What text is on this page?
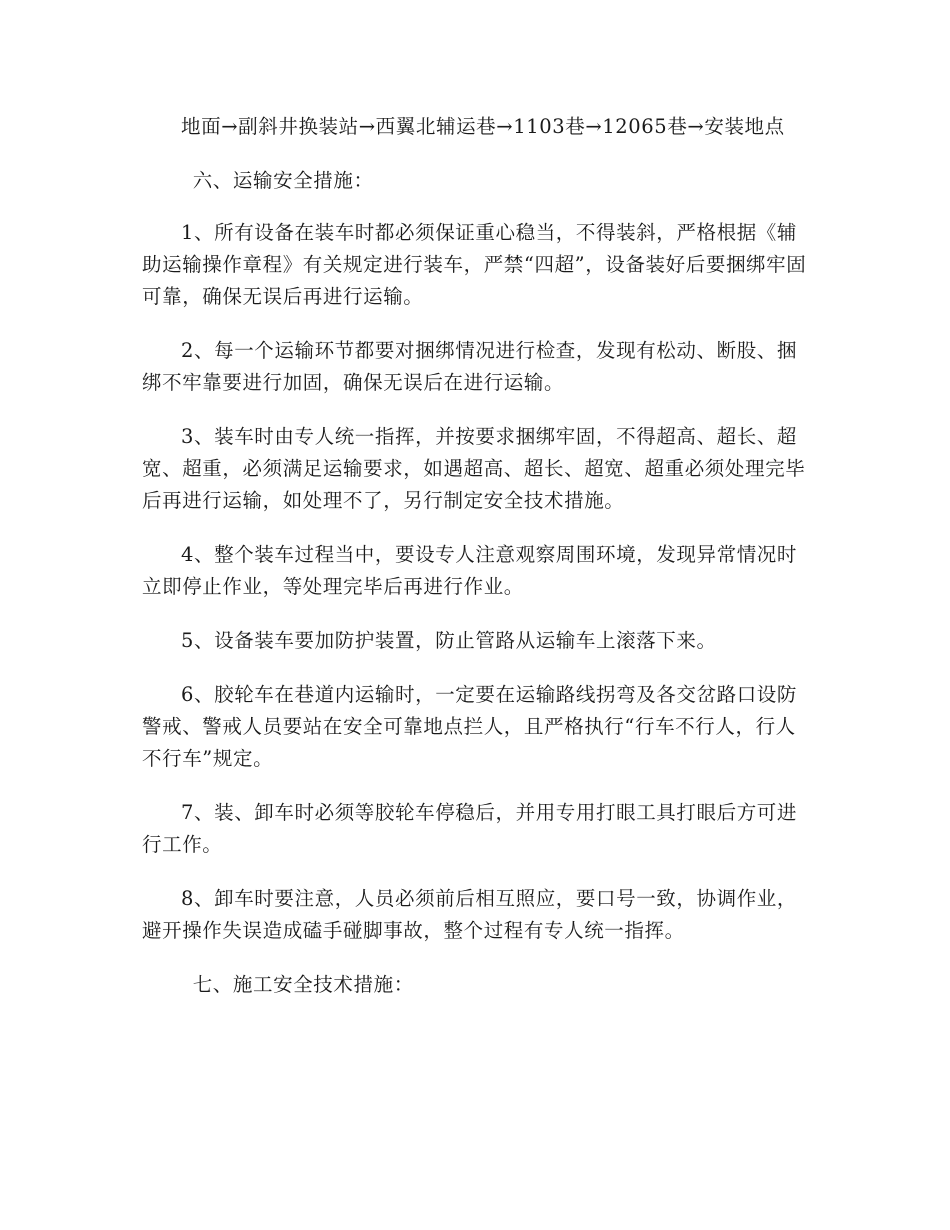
地面→副斜井换装站→西翼北辅运巷→1103巷→12065巷→安装地点

六、运输安全措施：

1、所有设备在装车时都必须保证重心稳当，不得装斜，严格根据《辅助运输操作章程》有关规定进行装车，严禁“四超”，设备装好后要捆绑牢固可靠，确保无误后再进行运输。

2、每一个运输环节都要对捆绑情况进行检查，发现有松动、断股、捆绑不牢靠要进行加固，确保无误后在进行运输。

3、装车时由专人统一指挥，并按要求捆绑牢固，不得超高、超长、超宽、超重，必须满足运输要求，如遇超高、超长、超宽、超重必须处理完毕后再进行运输，如处理不了，另行制定安全技术措施。

4、整个装车过程当中，要设专人注意观察周围环境，发现异常情况时立即停止作业，等处理完毕后再进行作业。

5、设备装车要加防护装置，防止管路从运输车上滚落下来。

6、胶轮车在巷道内运输时，一定要在运输路线拐弯及各交岔路口设防警戒、警戒人员要站在安全可靠地点拦人，且严格执行“行车不行人，行人不行车”规定。

7、装、卸车时必须等胶轮车停稳后，并用专用打眼工具打眼后方可进行工作。

8、卸车时要注意，人员必须前后相互照应，要口号一致，协调作业，避开操作失误造成磕手碰脚事故，整个过程有专人统一指挥。

七、施工安全技术措施：
